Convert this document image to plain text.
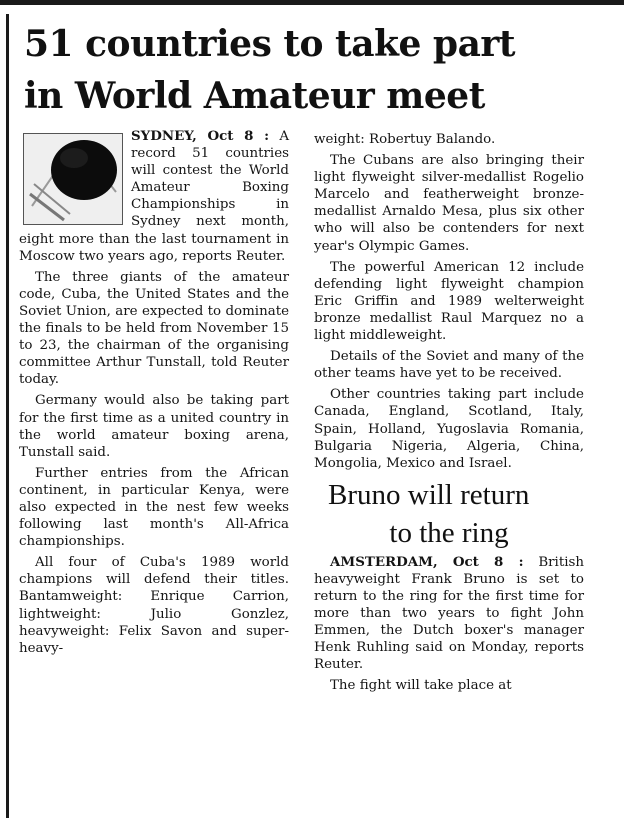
51 countries to take part
in World Amateur meet

SYDNEY, Oct 8 : A record 51 countries will contest the World Amateur Boxing Championships in Sydney next month, eight more than the last tournament in Moscow two years ago, reports Reuter.

The three giants of the amateur code, Cuba, the United States and the Soviet Union, are expected to dominate the finals to be held from November 15 to 23, the chairman of the organising committee Arthur Tunstall, told Reuter today.

Germany would also be taking part for the first time as a united country in the world amateur boxing arena, Tunstall said.

Further entries from the African continent, in particular Kenya, were also expected in the nest few weeks following last month's All-Africa championships.

All four of Cuba's 1989 world champions will defend their titles. Bantamweight: Enrique Carrion, lightweight: Julio Gonzlez, heavyweight: Felix Savon and super-heavy-

weight: Robertuy Balando.

The Cubans are also bringing their light flyweight silver-medallist Rogelio Marcelo and featherweight bronze-medallist Arnaldo Mesa, plus six other who will also be contenders for next year's Olympic Games.

The powerful American 12 include defending light flyweight champion Eric Griffin and 1989 welterweight bronze medallist Raul Marquez no a light middleweight.

Details of the Soviet and many of the other teams have yet to be received.

Other countries taking part include Canada, England, Scotland, Italy, Spain, Holland, Yugoslavia Romania, Bulgaria Nigeria, Algeria, China, Mongolia, Mexico and Israel.

Bruno will return
to the ring

AMSTERDAM, Oct 8 : British heavyweight Frank Bruno is set to return to the ring for the first time for more than two years to fight John Emmen, the Dutch boxer's manager Henk Ruhling said on Monday, reports Reuter.

The fight will take place at
